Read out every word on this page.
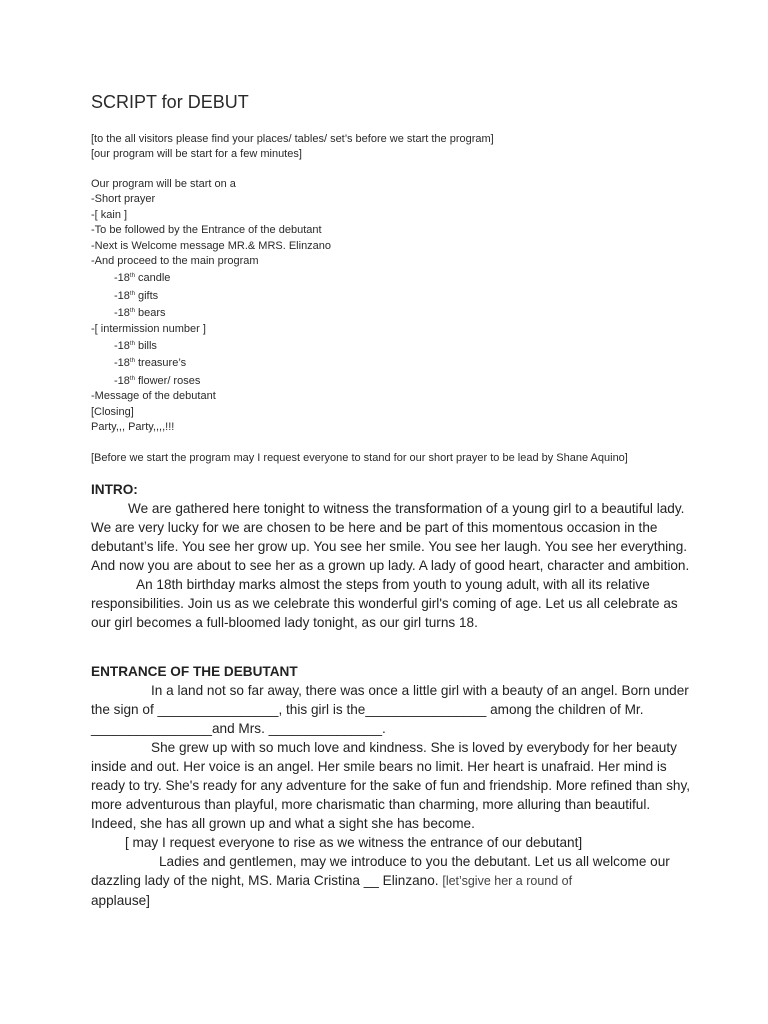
SCRIPT for DEBUT
[to the all visitors please find your places/ tables/ set’s before we start the program]
[our program will be start for a few minutes]
Our program will be start on a
-Short prayer
-[ kain ]
-To be followed by the Entrance of the debutant
-Next is Welcome message MR.& MRS. Elinzano
-And proceed to the main program
-18th candle
-18th gifts
-18th bears
-[ intermission number ]
-18th bills
-18th treasure’s
-18th flower/ roses
-Message of the debutant
[Closing]
Party,,, Party,,,,!!!
[Before we start the program may I request everyone to stand for our short prayer to be lead by Shane Aquino]
INTRO:

We are gathered here tonight to witness the transformation of a young girl to a beautiful lady. We are very lucky for we are chosen to be here and be part of this momentous occasion in the debutant’s life. You see her grow up. You see her smile. You see her laugh. You see her everything. And now you are about to see her as a grown up lady. A lady of good heart, character and ambition.

An 18th birthday marks almost the steps from youth to young adult, with all its relative responsibilities. Join us as we celebrate this wonderful girl's coming of age. Let us all celebrate as our girl becomes a full-bloomed lady tonight, as our girl turns 18.

ENTRANCE OF THE DEBUTANT

In a land not so far away, there was once a little girl with a beauty of an angel. Born under the sign of ________________, this girl is the________________ among the children of Mr. ________________and Mrs. _______________.

She grew up with so much love and kindness. She is loved by everybody for her beauty inside and out. Her voice is an angel. Her smile bears no limit. Her heart is unafraid. Her mind is ready to try. She's ready for any adventure for the sake of fun and friendship. More refined than shy, more adventurous than playful, more charismatic than charming, more alluring than beautiful. Indeed, she has all grown up and what a sight she has become.

[ may I request everyone to rise as we witness the entrance of our debutant]

Ladies and gentlemen, may we introduce to you the debutant. Let us all welcome our dazzling lady of the night, MS. Maria Cristina __ Elinzano. [let’sgive her a round of
applause]
